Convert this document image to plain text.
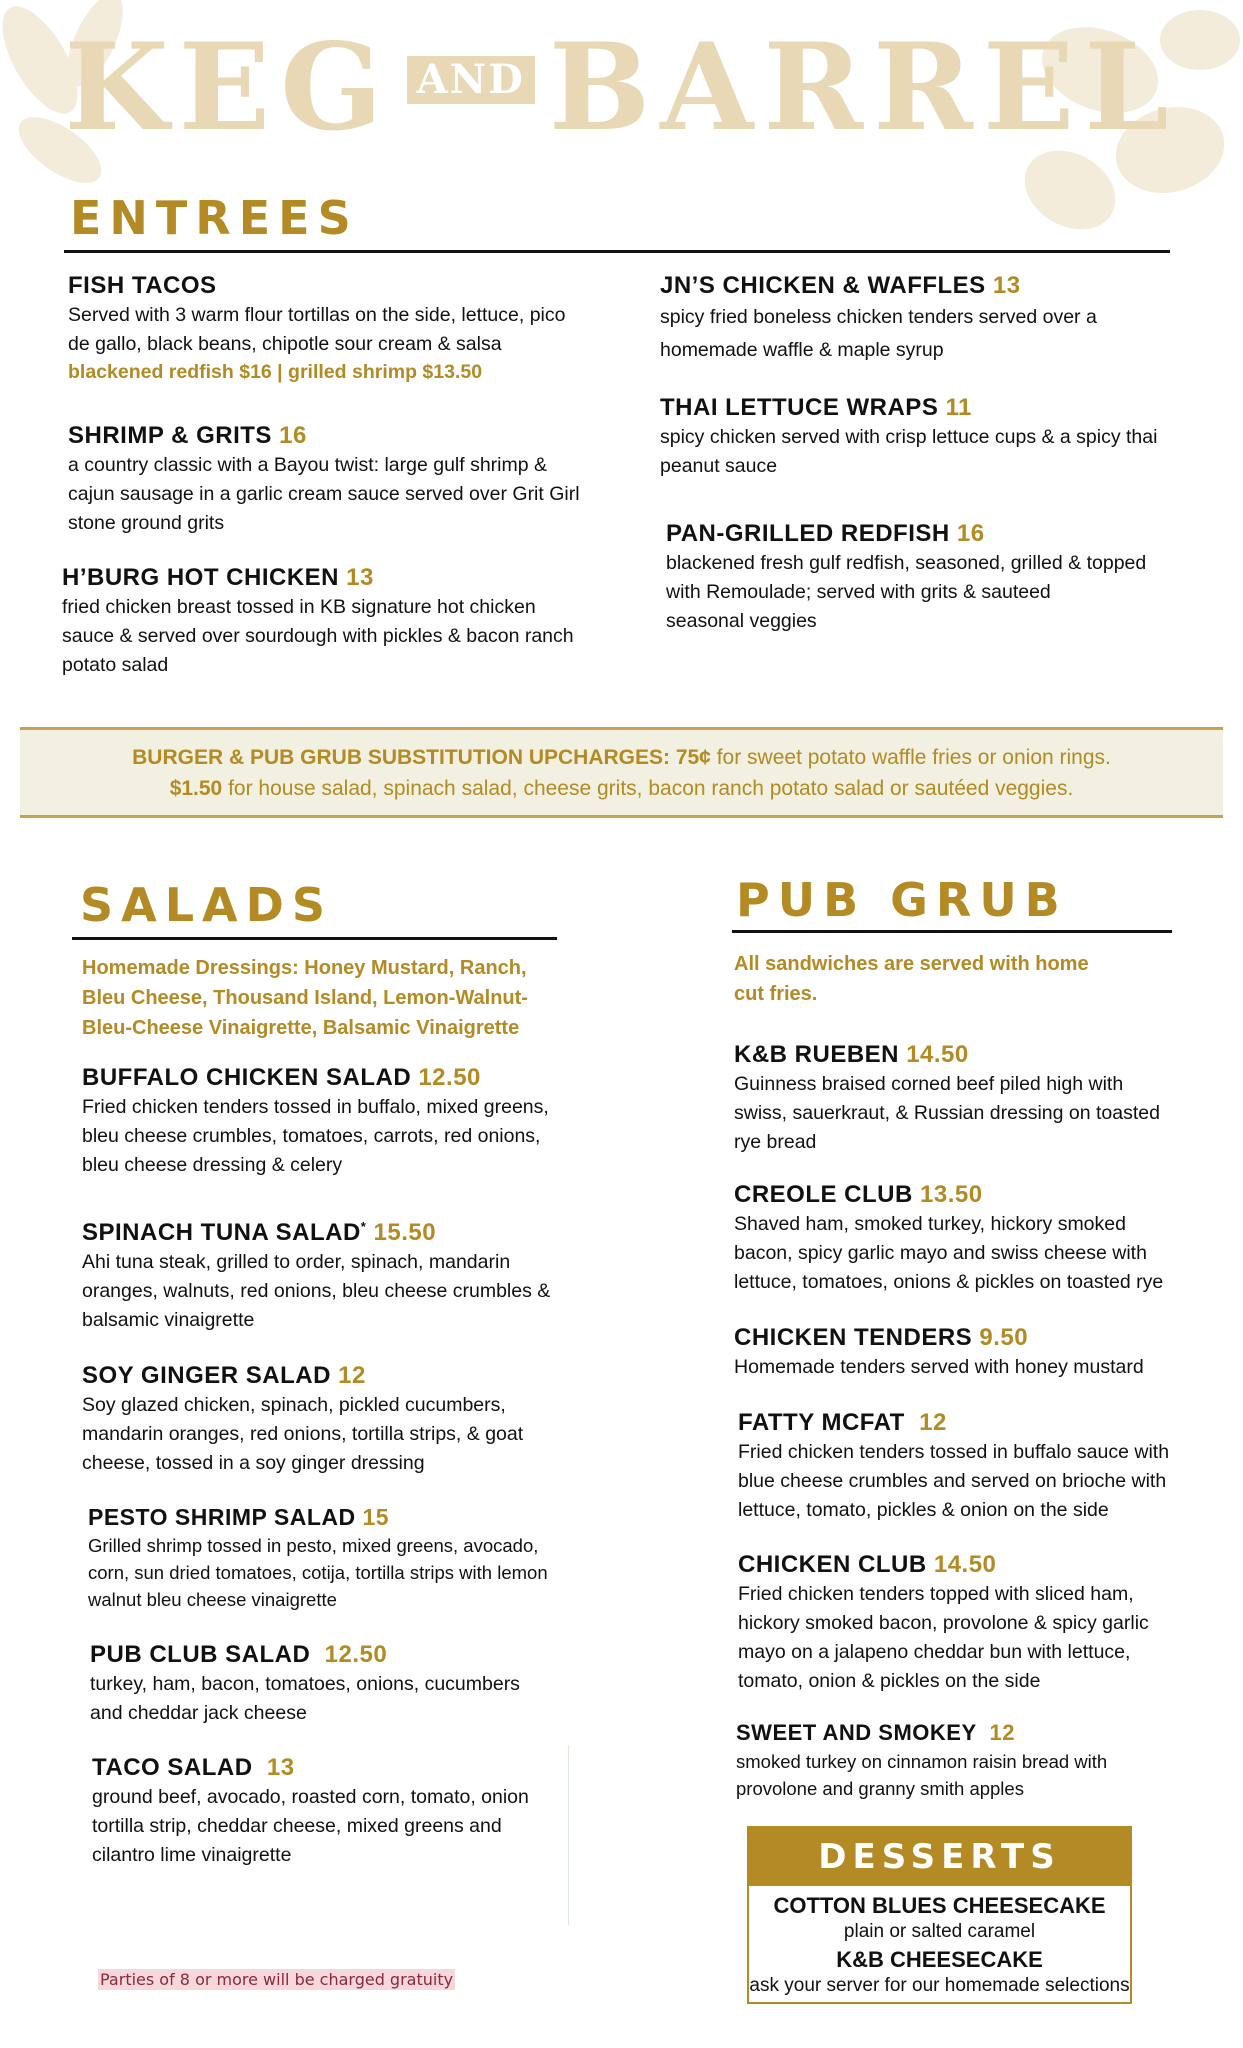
KEG AND BARREL
ENTREES
FISH TACOS
Served with 3 warm flour tortillas on the side, lettuce, pico
de gallo, black beans, chipotle sour cream & salsa
blackened redfish $16 | grilled shrimp $13.50
SHRIMP & GRITS 16
a country classic with a Bayou twist: large gulf shrimp &
cajun sausage in a garlic cream sauce served over Grit Girl
stone ground grits
H’BURG HOT CHICKEN 13
fried chicken breast tossed in KB signature hot chicken
sauce & served over sourdough with pickles & bacon ranch
potato salad
JN’S CHICKEN & WAFFLES 13
spicy fried boneless chicken tenders served over a
homemade waffle & maple syrup
THAI LETTUCE WRAPS 11
spicy chicken served with crisp lettuce cups & a spicy thai
peanut sauce
PAN-GRILLED REDFISH 16
blackened fresh gulf redfish, seasoned, grilled & topped
with Remoulade; served with grits & sauteed
seasonal veggies
BURGER & PUB GRUB SUBSTITUTION UPCHARGES: 75¢ for sweet potato waffle fries or onion rings.
$1.50 for house salad, spinach salad, cheese grits, bacon ranch potato salad or sautéed veggies.
SALADS
Homemade Dressings: Honey Mustard, Ranch,
Bleu Cheese, Thousand Island, Lemon-Walnut-
Bleu-Cheese Vinaigrette, Balsamic Vinaigrette
BUFFALO CHICKEN SALAD 12.50
Fried chicken tenders tossed in buffalo, mixed greens,
bleu cheese crumbles, tomatoes, carrots, red onions,
bleu cheese dressing & celery
SPINACH TUNA SALAD* 15.50
Ahi tuna steak, grilled to order, spinach, mandarin
oranges, walnuts, red onions, bleu cheese crumbles &
balsamic vinaigrette
SOY GINGER SALAD 12
Soy glazed chicken, spinach, pickled cucumbers,
mandarin oranges, red onions, tortilla strips, & goat
cheese, tossed in a soy ginger dressing
PESTO SHRIMP SALAD 15
Grilled shrimp tossed in pesto, mixed greens, avocado,
corn, sun dried tomatoes, cotija, tortilla strips with lemon
walnut bleu cheese vinaigrette
PUB CLUB SALAD 12.50
turkey, ham, bacon, tomatoes, onions, cucumbers
and cheddar jack cheese
TACO SALAD 13
ground beef, avocado, roasted corn, tomato, onion
tortilla strip, cheddar cheese, mixed greens and
cilantro lime vinaigrette
Parties of 8 or more will be charged gratuity
PUB GRUB
All sandwiches are served with home
cut fries.
K&B RUEBEN 14.50
Guinness braised corned beef piled high with
swiss, sauerkraut, & Russian dressing on toasted
rye bread
CREOLE CLUB 13.50
Shaved ham, smoked turkey, hickory smoked
bacon, spicy garlic mayo and swiss cheese with
lettuce, tomatoes, onions & pickles on toasted rye
CHICKEN TENDERS 9.50
Homemade tenders served with honey mustard
FATTY MCFAT 12
Fried chicken tenders tossed in buffalo sauce with
blue cheese crumbles and served on brioche with
lettuce, tomato, pickles & onion on the side
CHICKEN CLUB 14.50
Fried chicken tenders topped with sliced ham,
hickory smoked bacon, provolone & spicy garlic
mayo on a jalapeno cheddar bun with lettuce,
tomato, onion & pickles on the side
SWEET AND SMOKEY 12
smoked turkey on cinnamon raisin bread with
provolone and granny smith apples
DESSERTS
COTTON BLUES CHEESECAKE
plain or salted caramel
K&B CHEESECAKE
ask your server for our homemade selections
